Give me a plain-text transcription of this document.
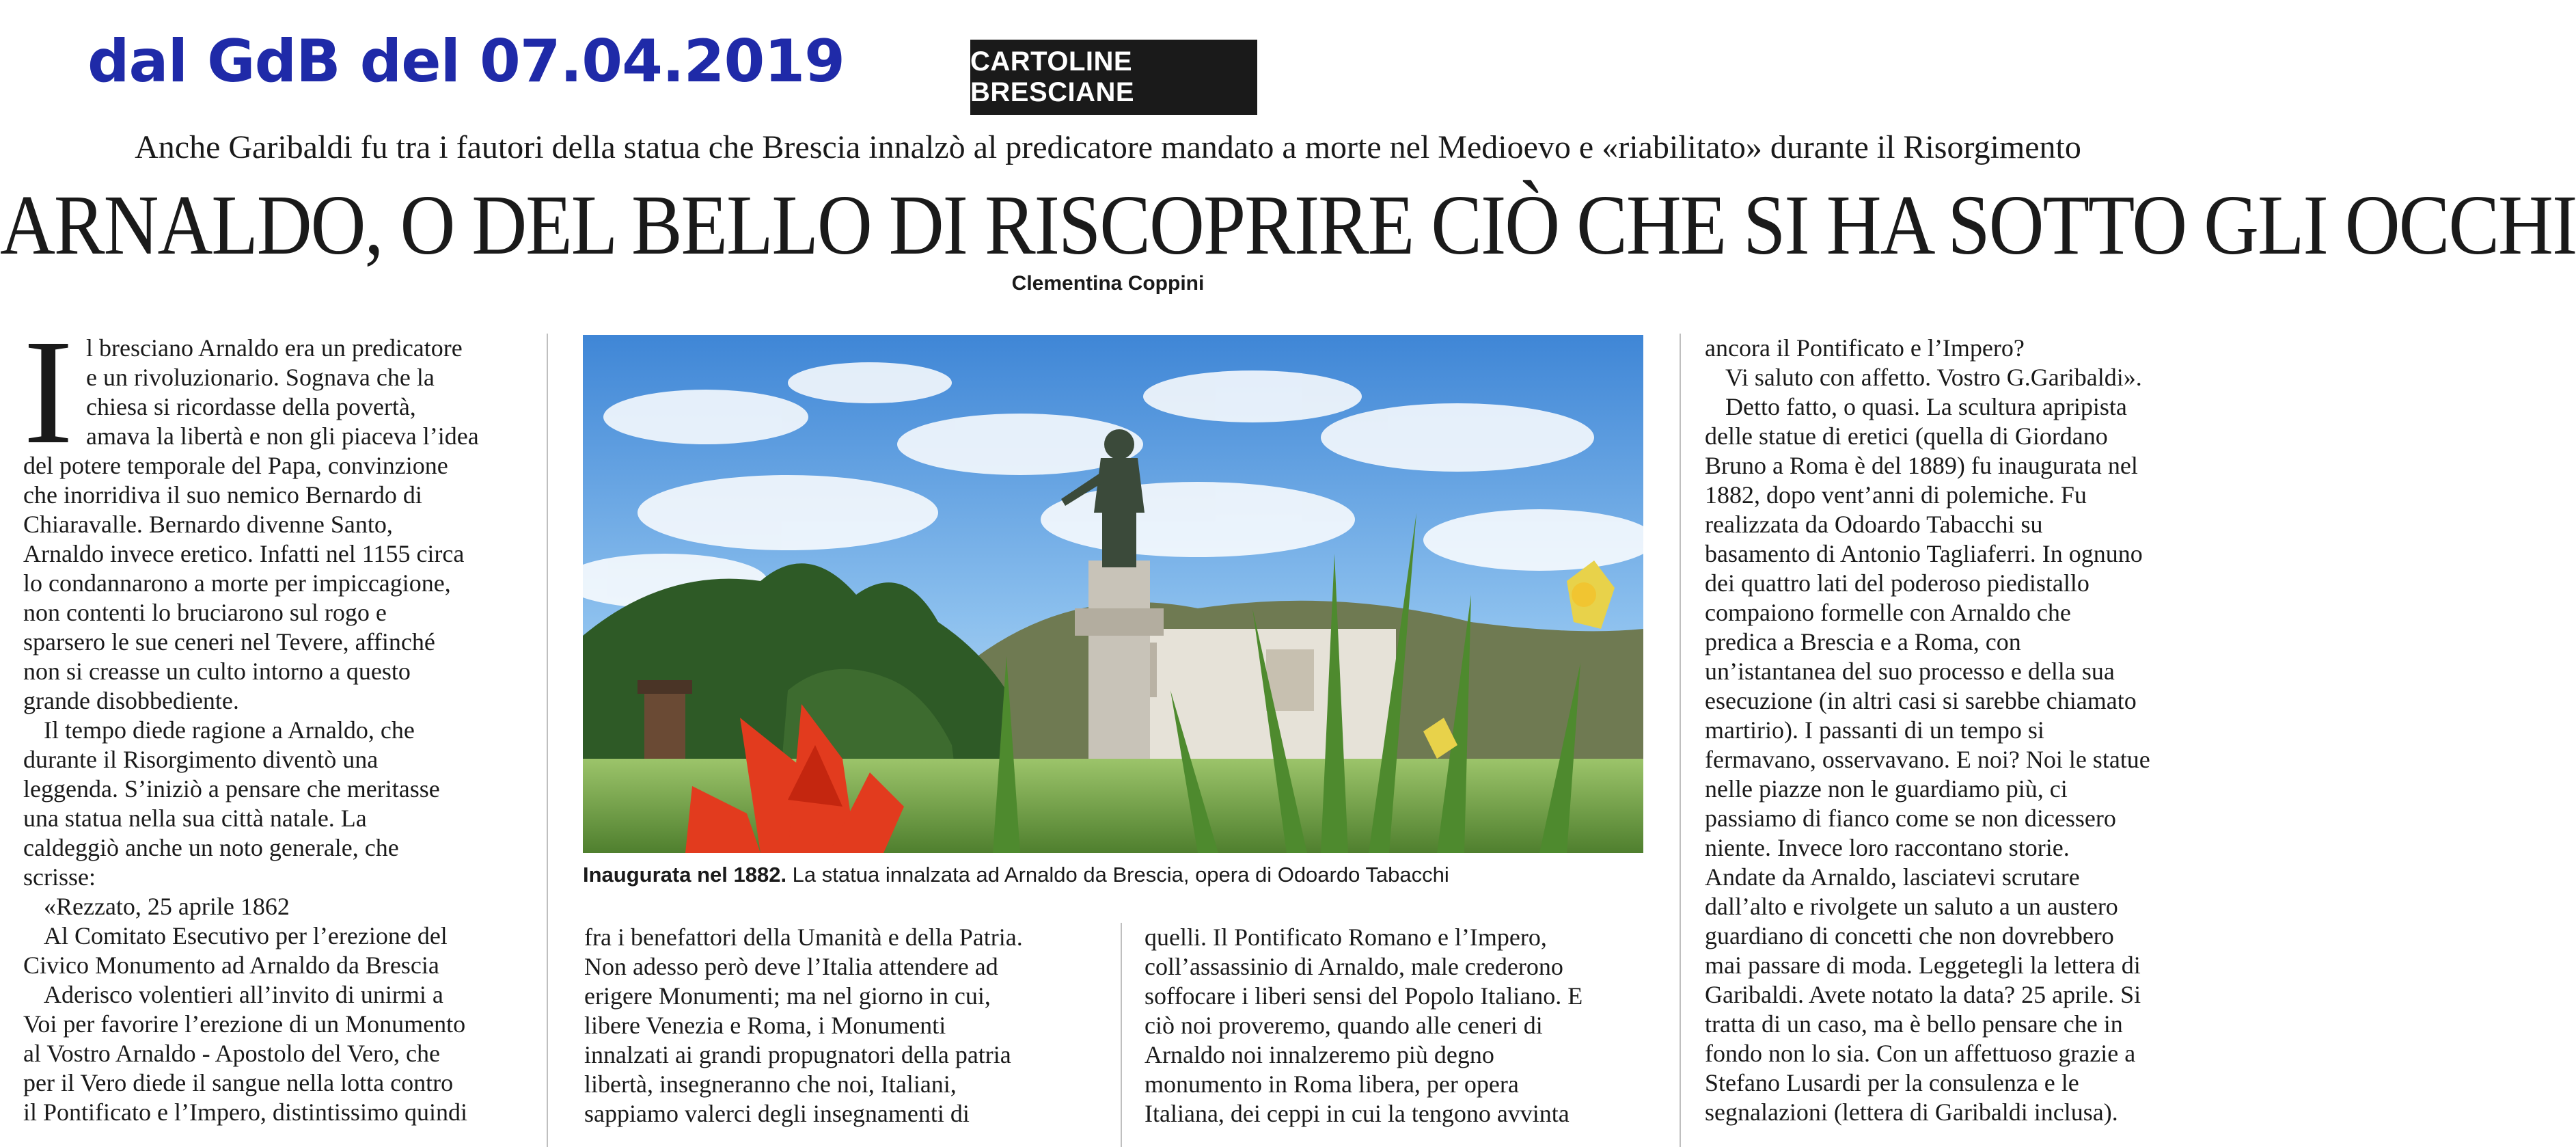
dal GdB del 07.04.2019	CARTOLINE BRESCIANE
Anche Garibaldi fu tra i fautori della statua che Brescia innalzò al predicatore mandato a morte nel Medioevo e «riabilitato» durante il Risorgimento
ARNALDO, O DEL BELLO DI RISCOPRIRE CIÒ CHE SI HA SOTTO GLI OCCHI
Clementina Coppini
I l bresciano Arnaldo era un predicatore
e un rivoluzionario. Sognava che la
chiesa si ricordasse della povertà,
amava la libertà e non gli piaceva l’idea
del potere temporale del Papa, convinzione
che inorridiva il suo nemico Bernardo di
Chiaravalle. Bernardo divenne Santo,
Arnaldo invece eretico. Infatti nel 1155 circa
lo condannarono a morte per impiccagione,
non contenti lo bruciarono sul rogo e
sparsero le sue ceneri nel Tevere, affinché
non si creasse un culto intorno a questo
grande disobbediente.
Il tempo diede ragione a Arnaldo, che
durante il Risorgimento diventò una
leggenda. S’iniziò a pensare che meritasse
una statua nella sua città natale. La
caldeggiò anche un noto generale, che
scrisse:
«Rezzato, 25 aprile 1862
Al Comitato Esecutivo per l’erezione del
Civico Monumento ad Arnaldo da Brescia
Aderisco volentieri all’invito di unirmi a
Voi per favorire l’erezione di un Monumento
al Vostro Arnaldo - Apostolo del Vero, che
per il Vero diede il sangue nella lotta contro
il Pontificato e l’Impero, distintissimo quindi
Inaugurata nel 1882. La statua innalzata ad Arnaldo da Brescia, opera di Odoardo Tabacchi
fra i benefattori della Umanità e della Patria.
Non adesso però deve l’Italia attendere ad
erigere Monumenti; ma nel giorno in cui,
libere Venezia e Roma, i Monumenti
innalzati ai grandi propugnatori della patria
libertà, insegneranno che noi, Italiani,
sappiamo valerci degli insegnamenti di
quelli. Il Pontificato Romano e l’Impero,
coll’assassinio di Arnaldo, male crederono
soffocare i liberi sensi del Popolo Italiano. E
ciò noi proveremo, quando alle ceneri di
Arnaldo noi innalzeremo più degno
monumento in Roma libera, per opera
Italiana, dei ceppi in cui la tengono avvinta
ancora il Pontificato e l’Impero?
Vi saluto con affetto. Vostro G.Garibaldi».
Detto fatto, o quasi. La scultura apripista
delle statue di eretici (quella di Giordano
Bruno a Roma è del 1889) fu inaugurata nel
1882, dopo vent’anni di polemiche. Fu
realizzata da Odoardo Tabacchi su
basamento di Antonio Tagliaferri. In ognuno
dei quattro lati del poderoso piedistallo
compaiono formelle con Arnaldo che
predica a Brescia e a Roma, con
un’istantanea del suo processo e della sua
esecuzione (in altri casi si sarebbe chiamato
martirio). I passanti di un tempo si
fermavano, osservavano. E noi? Noi le statue
nelle piazze non le guardiamo più, ci
passiamo di fianco come se non dicessero
niente. Invece loro raccontano storie.
Andate da Arnaldo, lasciatevi scrutare
dall’alto e rivolgete un saluto a un austero
guardiano di concetti che non dovrebbero
mai passare di moda. Leggetegli la lettera di
Garibaldi. Avete notato la data? 25 aprile. Si
tratta di un caso, ma è bello pensare che in
fondo non lo sia. Con un affettuoso grazie a
Stefano Lusardi per la consulenza e le
segnalazioni (lettera di Garibaldi inclusa).
